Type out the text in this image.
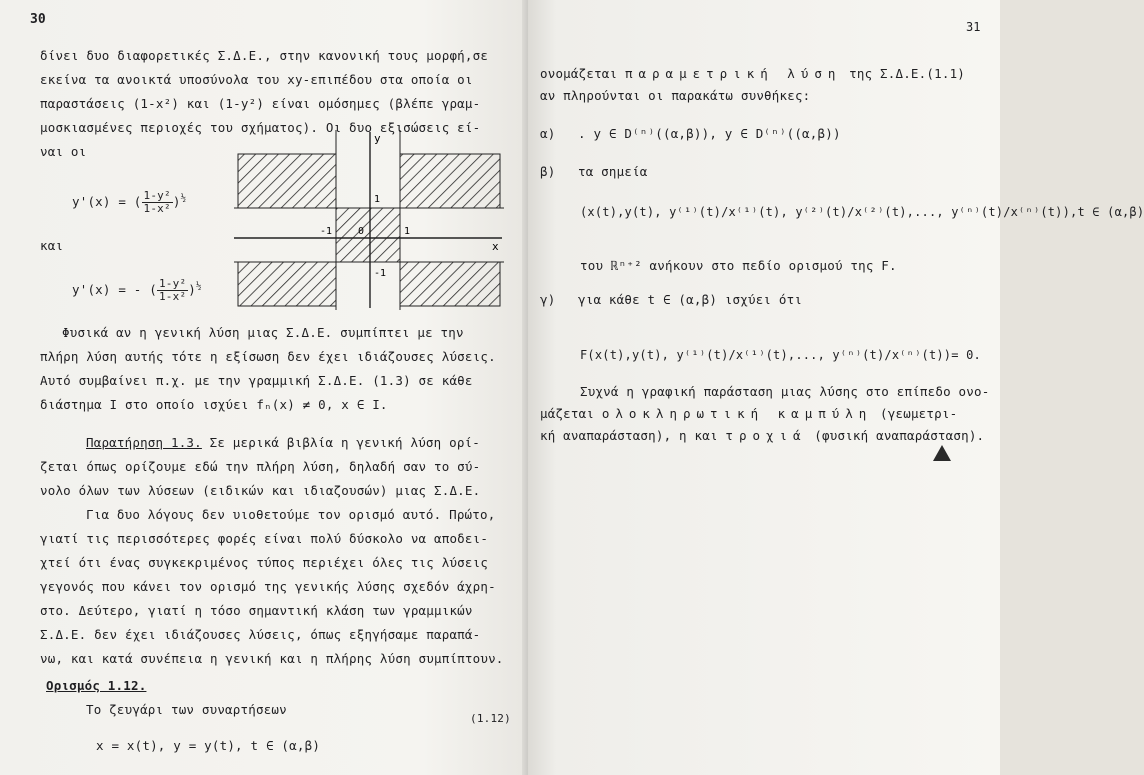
30
δίνει δυο διαφορετικές Σ.Δ.Ε., στην κανονική τους μορφή,σε
εκείνα τα ανοικτά υποσύνολα του xy-επιπέδου στα οποία οι
παραστάσεις (1-x²) και (1-y²) είναι ομόσημες (βλέπε γραμ-
μοσκιασμένες περιοχές του σχήματος). Οι δυο εξισώσεις εί-
ναι οι
y'(x) = ( $\frac{\text{1-y²}}{\text{1-x²}} )^{\frac{1}{2}}$
και
y'(x) = - ( $\frac{\text{1-y²}}{\text{1-x²}} )^{\frac{1}{2}}$
y
x
1
-1	0	1
-1
Φυσικά αν η γενική λύση μιας Σ.Δ.Ε. συμπίπτει με την
πλήρη λύση αυτής τότε η εξίσωση δεν έχει ιδιάζουσες λύσεις.
Αυτό συμβαίνει π.χ. με την γραμμική Σ.Δ.Ε. (1.3) σε κάθε
διάστημα I στο οποίο ισχύει fₙ(x) ≠ 0, x ∈ I.
Παρατήρηση 1.3. Σε μερικά βιβλία η γενική λύση ορί-
ζεται όπως ορίζουμε εδώ την πλήρη λύση, δηλαδή σαν το σύ-
νολο όλων των λύσεων (ειδικών και ιδιαζουσών) μιας Σ.Δ.Ε.
Για δυο λόγους δεν υιοθετούμε τον ορισμό αυτό. Πρώτο,
γιατί τις περισσότερες φορές είναι πολύ δύσκολο να αποδει-
χτεί ότι ένας συγκεκριμένος τύπος περιέχει όλες τις λύσεις
γεγονός που κάνει τον ορισμό της γενικής λύσης σχεδόν άχρη-
στο. Δεύτερο, γιατί η τόσο σημαντική κλάση των γραμμικών
Σ.Δ.Ε. δεν έχει ιδιάζουσες λύσεις, όπως εξηγήσαμε παραπά-
νω, και κατά συνέπεια η γενική και η πλήρης λύση συμπίπτουν.
Ορισμός 1.12.
Το ζευγάρι των συναρτήσεων
(1.12)
x = x(t), y = y(t), t ∈ (α,β)
31
ονομάζεται παραμετρική λύση της Σ.Δ.Ε.(1.1)
αν πληρούνται οι παρακάτω συνθήκες:
α) . y ∈ D⁽ⁿ⁾((α,β)), y ∈ D⁽ⁿ⁾((α,β))
β) τα σημεία
(x(t),y(t), y⁽¹⁾(t)/x⁽¹⁾(t), y⁽²⁾(t)/x⁽²⁾(t),..., y⁽ⁿ⁾(t)/x⁽ⁿ⁾(t)),t ∈ (α,β)
του ℝⁿ⁺² ανήκουν στο πεδίο ορισμού της F.
γ) για κάθε t ∈ (α,β) ισχύει ότι
F(x(t),y(t), y⁽¹⁾(t)/x⁽¹⁾(t),..., y⁽ⁿ⁾(t)/x⁽ⁿ⁾(t))= 0.
Συχνά η γραφική παράσταση μιας λύσης στο επίπεδο ονο-
μάζεται ολοκληρωτική καμπύλη (γεωμετρι-
κή αναπαράσταση), η και τροχιά (φυσική αναπαράσταση).
